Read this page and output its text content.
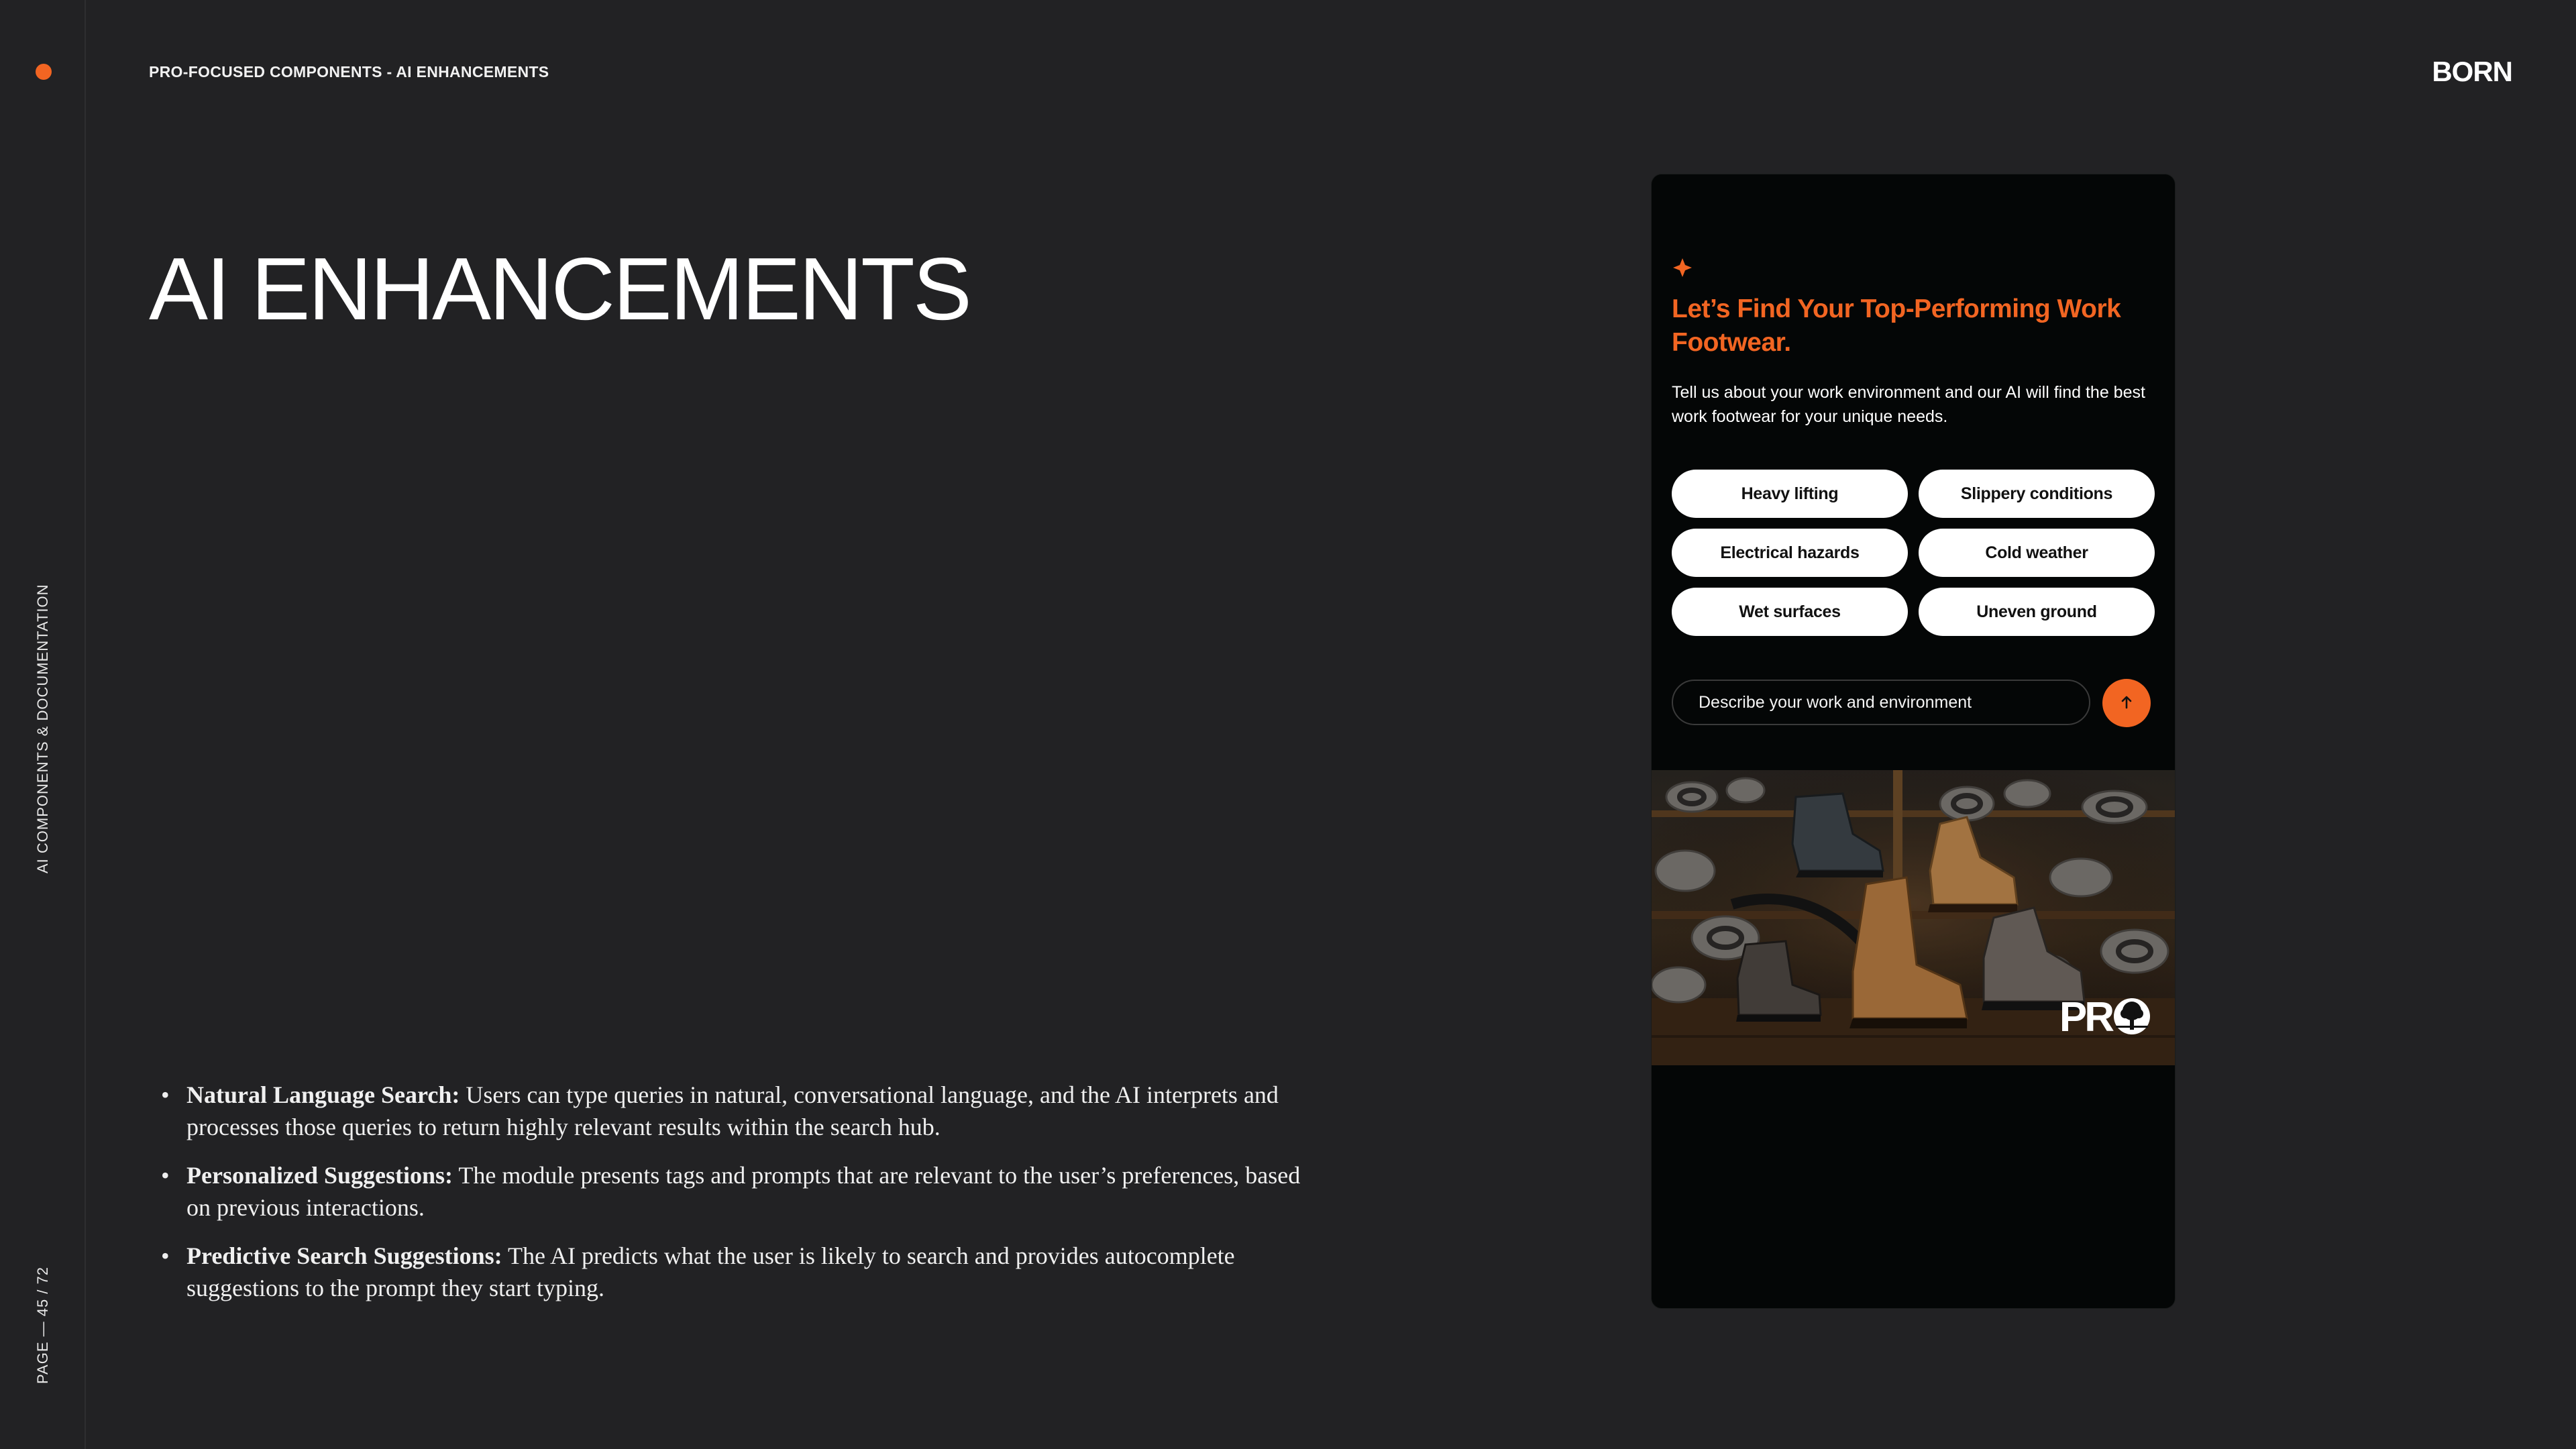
AI COMPONENTS & DOCUMENTATION
PAGE — 45 / 72
PRO-FOCUSED COMPONENTS - AI ENHANCEMENTS	BORN
AI ENHANCEMENTS
• Natural Language Search: Users can type queries in natural, conversational language, and the AI interprets and processes those queries to return highly relevant results within the search hub.
• Personalized Suggestions: The module presents tags and prompts that are relevant to the user’s preferences, based on previous interactions.
• Predictive Search Suggestions: The AI predicts what the user is likely to search and provides autocomplete suggestions to the prompt they start typing.
Let’s Find Your Top-Performing Work Footwear.

Tell us about your work environment and our AI will find the best work footwear for your unique needs.

Heavy lifting	Slippery conditions
Electrical hazards	Cold weather
Wet surfaces	Uneven ground
Describe your work and environment
PR
